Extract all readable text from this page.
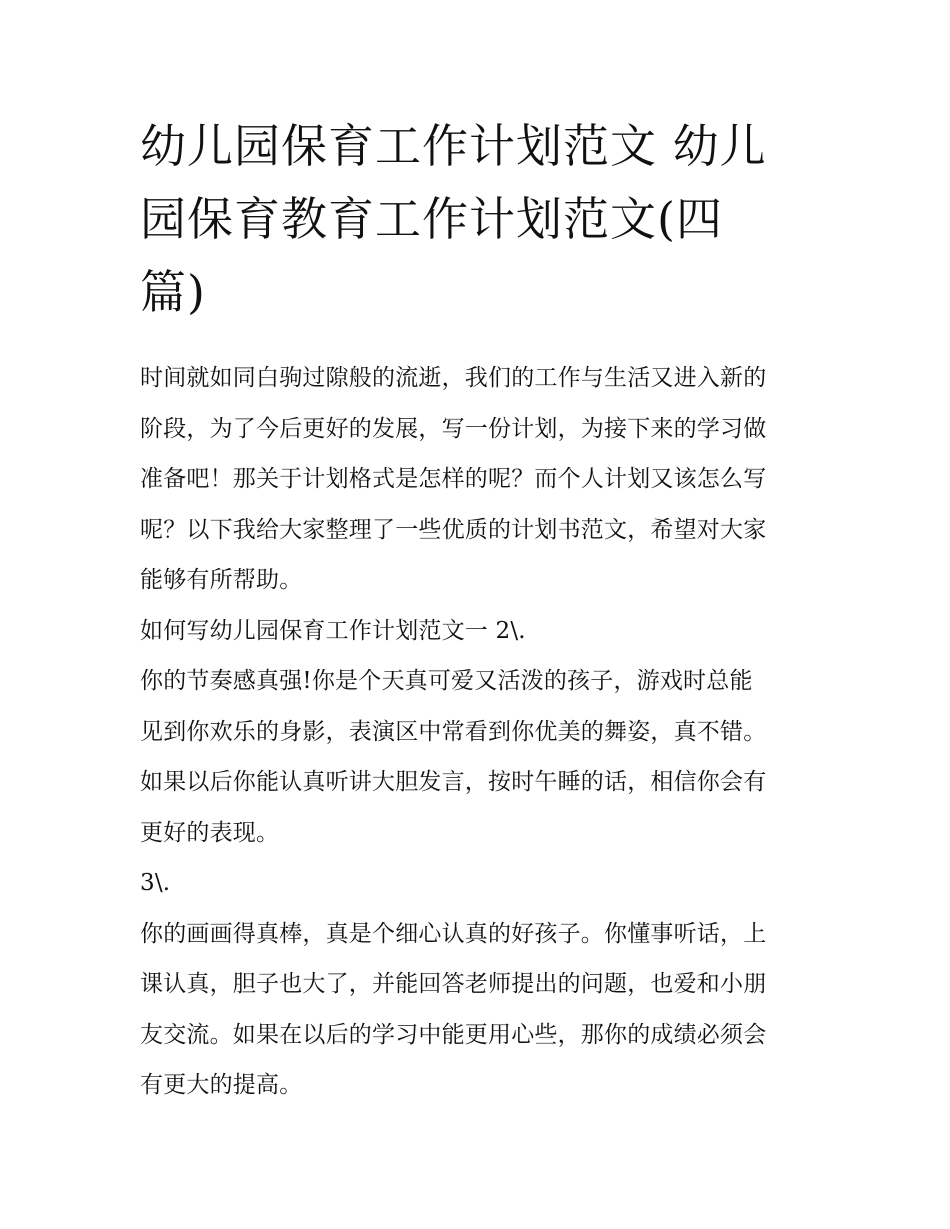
幼儿园保育工作计划范文 幼儿
园保育教育工作计划范文(四
篇)
时间就如同白驹过隙般的流逝，我们的工作与生活又进入新的
阶段，为了今后更好的发展，写一份计划，为接下来的学习做
准备吧！那关于计划格式是怎样的呢？而个人计划又该怎么写
呢？以下我给大家整理了一些优质的计划书范文，希望对大家
能够有所帮助。
如何写幼儿园保育工作计划范文一 2\.
你的节奏感真强!你是个天真可爱又活泼的孩子，游戏时总能
见到你欢乐的身影，表演区中常看到你优美的舞姿，真不错。
如果以后你能认真听讲大胆发言，按时午睡的话，相信你会有
更好的表现。
3\.
你的画画得真棒，真是个细心认真的好孩子。你懂事听话，上
课认真，胆子也大了，并能回答老师提出的问题，也爱和小朋
友交流。如果在以后的学习中能更用心些，那你的成绩必须会
有更大的提高。
